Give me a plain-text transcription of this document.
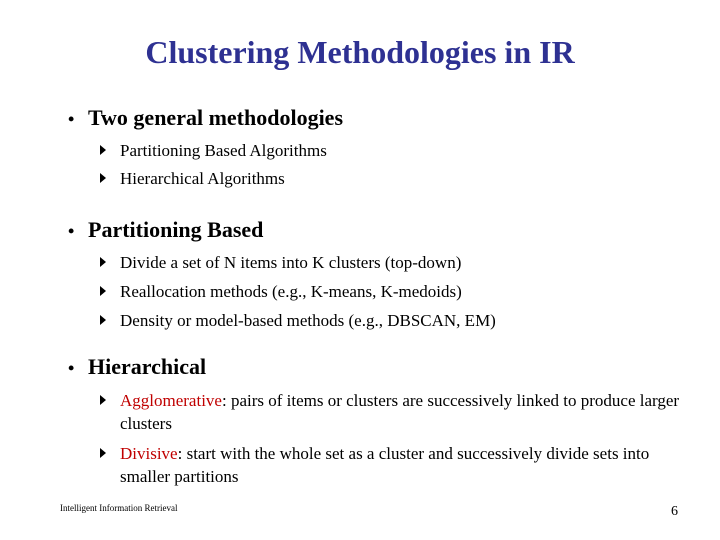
Clustering Methodologies in IR
• Two general methodologies
Partitioning Based Algorithms
Hierarchical Algorithms
• Partitioning Based
Divide a set of N items into K clusters (top-down)
Reallocation methods (e.g., K-means, K-medoids)
Density or model-based methods (e.g., DBSCAN, EM)
• Hierarchical
Agglomerative: pairs of items or clusters are successively linked to produce larger clusters
Divisive: start with the whole set as a cluster and successively divide sets into smaller partitions
Intelligent Information Retrieval	6
